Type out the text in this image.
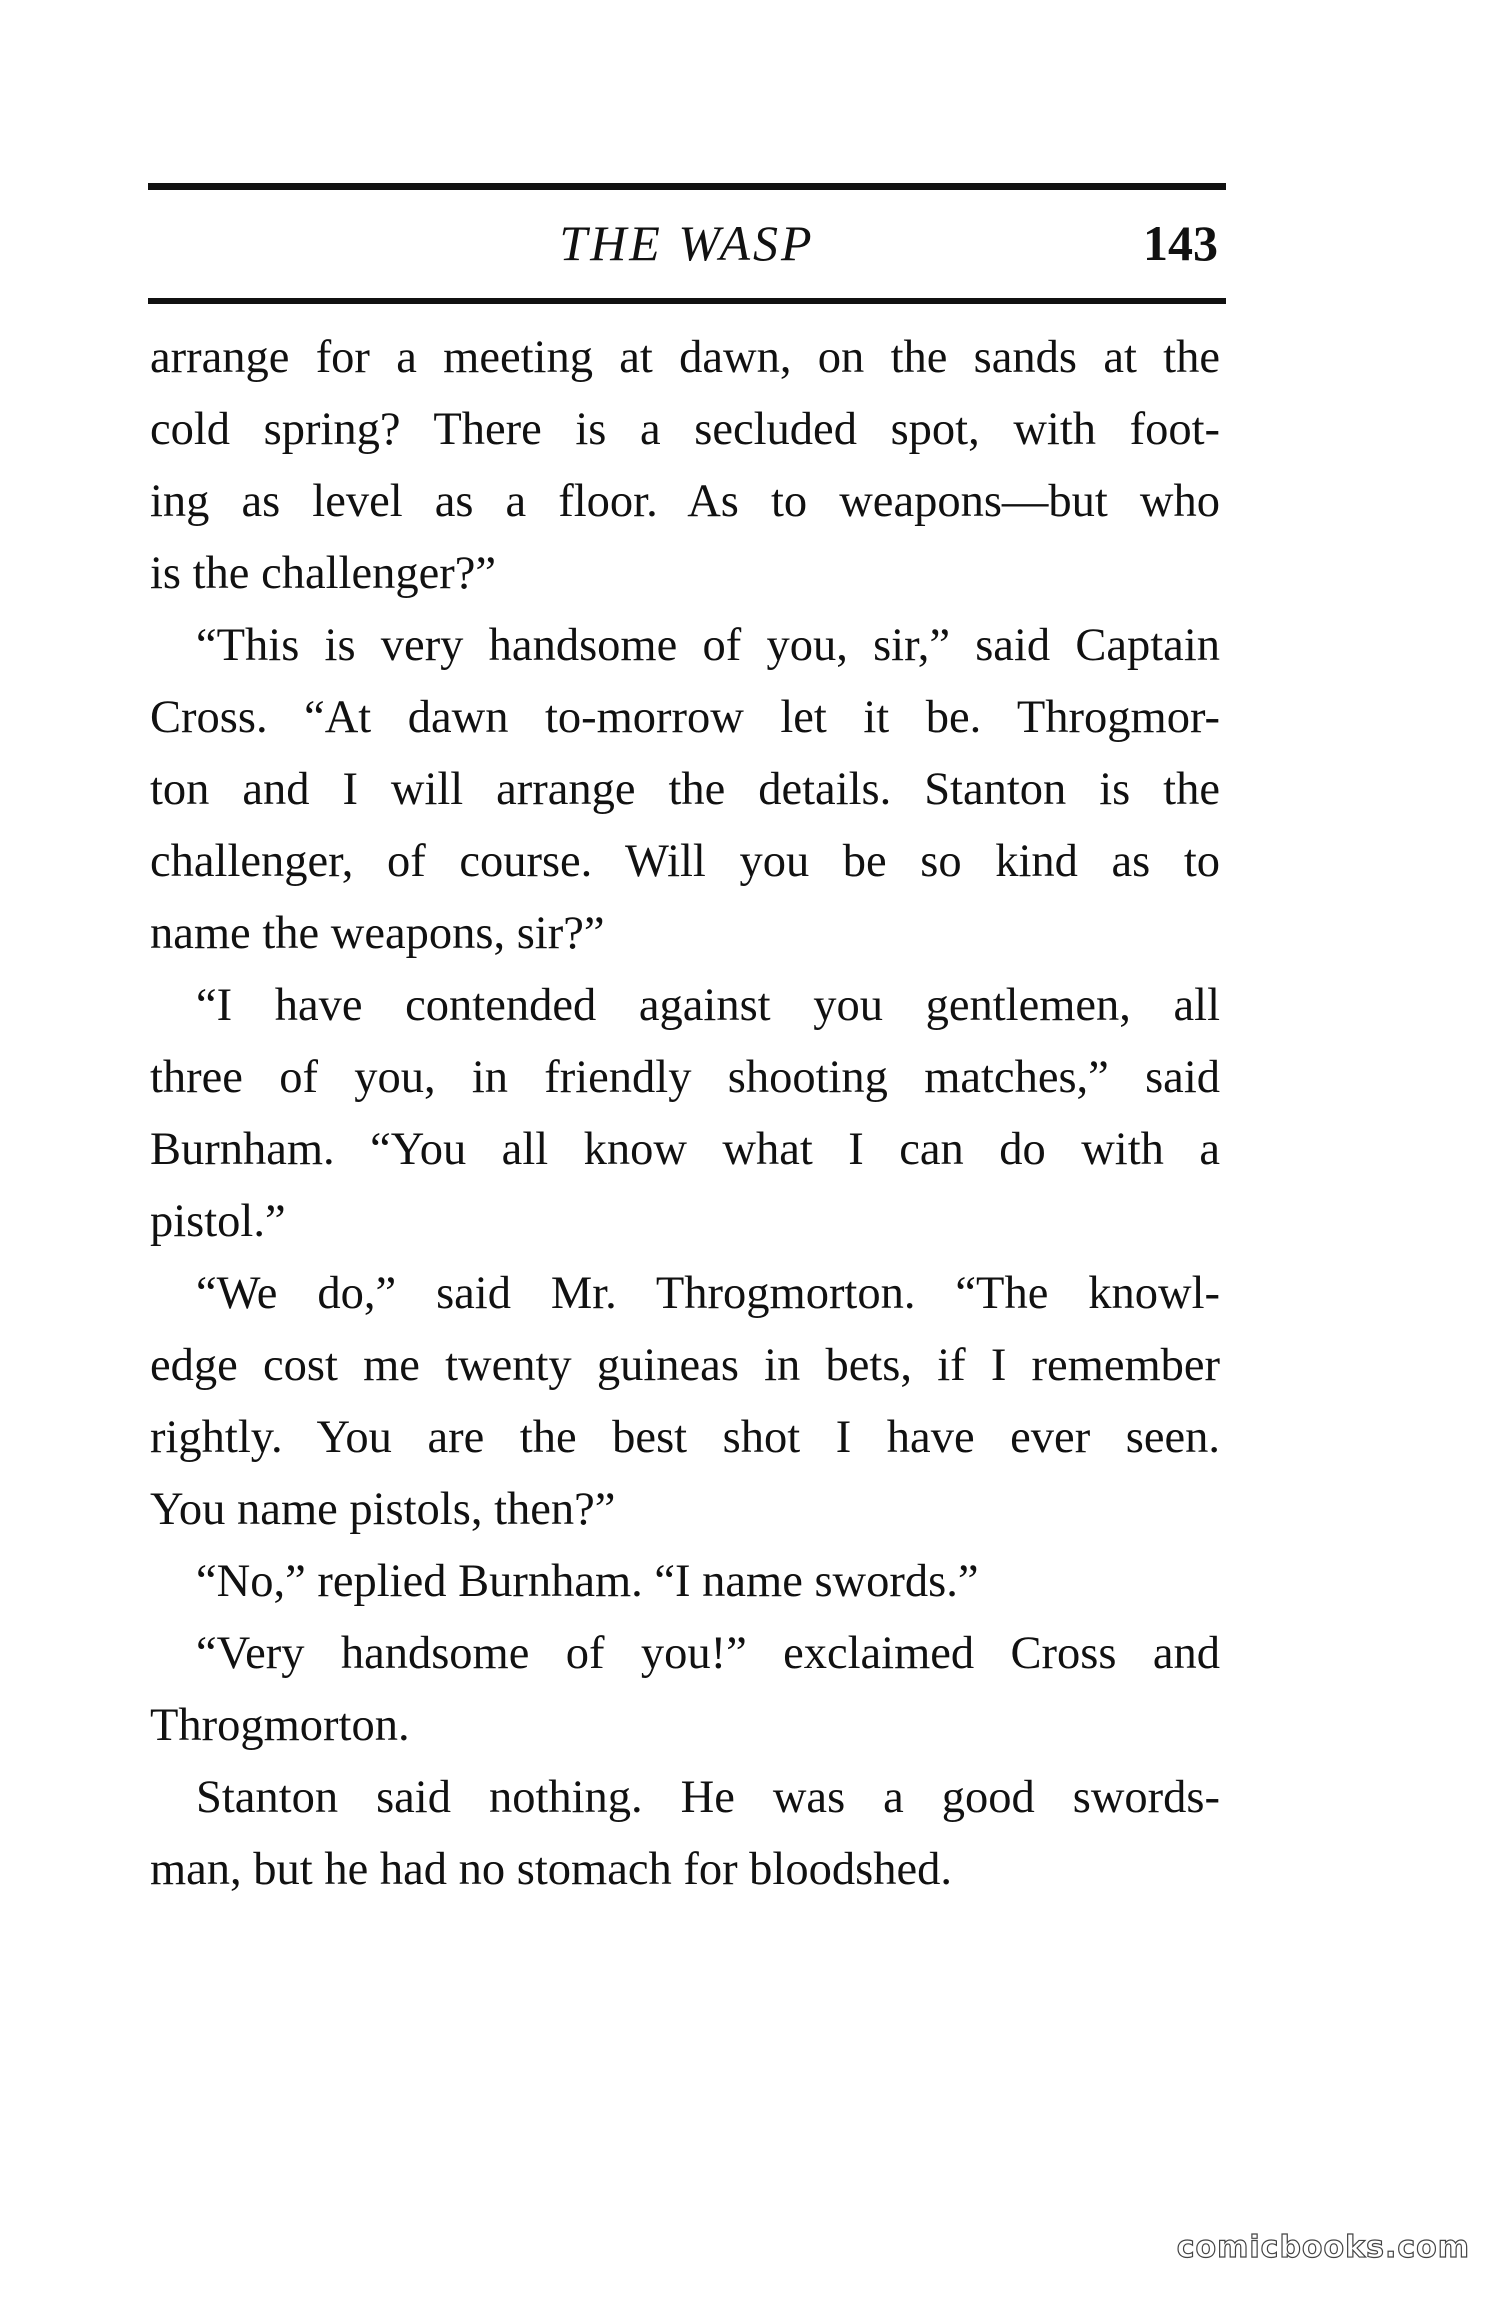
THE WASP	143
arrange for a meeting at dawn, on the sands at the
cold spring? There is a secluded spot, with foot-
ing as level as a floor. As to weapons—but who
is the challenger?”
“This is very handsome of you, sir,” said Captain
Cross. “At dawn to-morrow let it be. Throgmor-
ton and I will arrange the details. Stanton is the
challenger, of course. Will you be so kind as to
name the weapons, sir?”
“I have contended against you gentlemen, all
three of you, in friendly shooting matches,” said
Burnham. “You all know what I can do with a
pistol.”
“We do,” said Mr. Throgmorton. “The knowl-
edge cost me twenty guineas in bets, if I remember
rightly. You are the best shot I have ever seen.
You name pistols, then?”
“No,” replied Burnham. “I name swords.”
“Very handsome of you!” exclaimed Cross and
Throgmorton.
Stanton said nothing. He was a good swords-
man, but he had no stomach for bloodshed.
comicbooks.com
